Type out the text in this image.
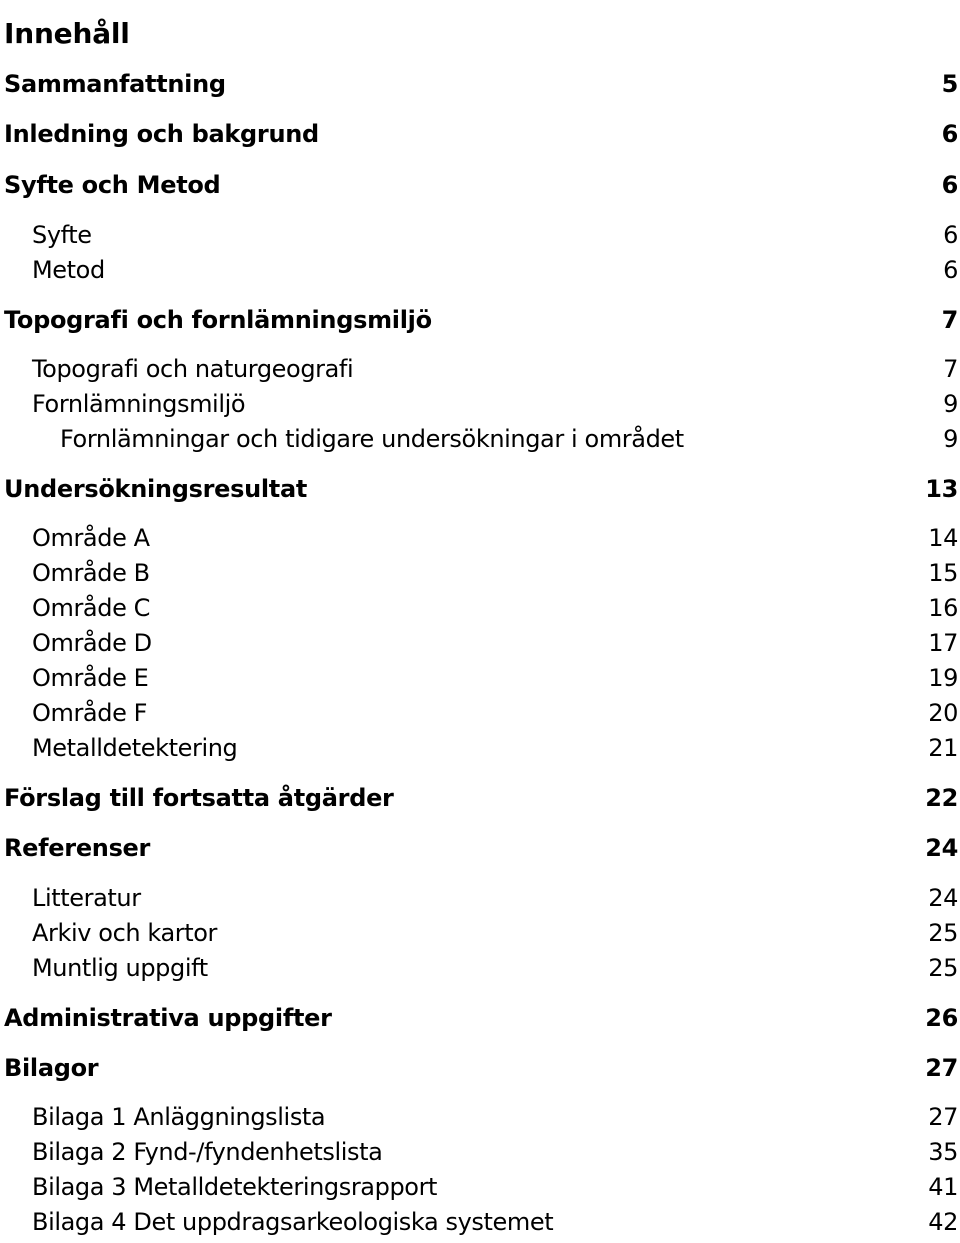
Innehåll
Sammanfattning	5
Inledning och bakgrund	6
Syfte och Metod	6
Syfte	6
Metod	6
Topografi och fornlämningsmiljö	7
Topografi och naturgeografi	7
Fornlämningsmiljö	9
Fornlämningar och tidigare undersökningar i området	9
Undersökningsresultat	13
Område A	14
Område B	15
Område C	16
Område D	17
Område E	19
Område F	20
Metalldetektering	21
Förslag till fortsatta åtgärder	22
Referenser	24
Litteratur	24
Arkiv och kartor	25
Muntlig uppgift	25
Administrativa uppgifter	26
Bilagor	27
Bilaga 1 Anläggningslista	27
Bilaga 2 Fynd-/fyndenhetslista	35
Bilaga 3 Metalldetekteringsrapport	41
Bilaga 4 Det uppdragsarkeologiska systemet	42
